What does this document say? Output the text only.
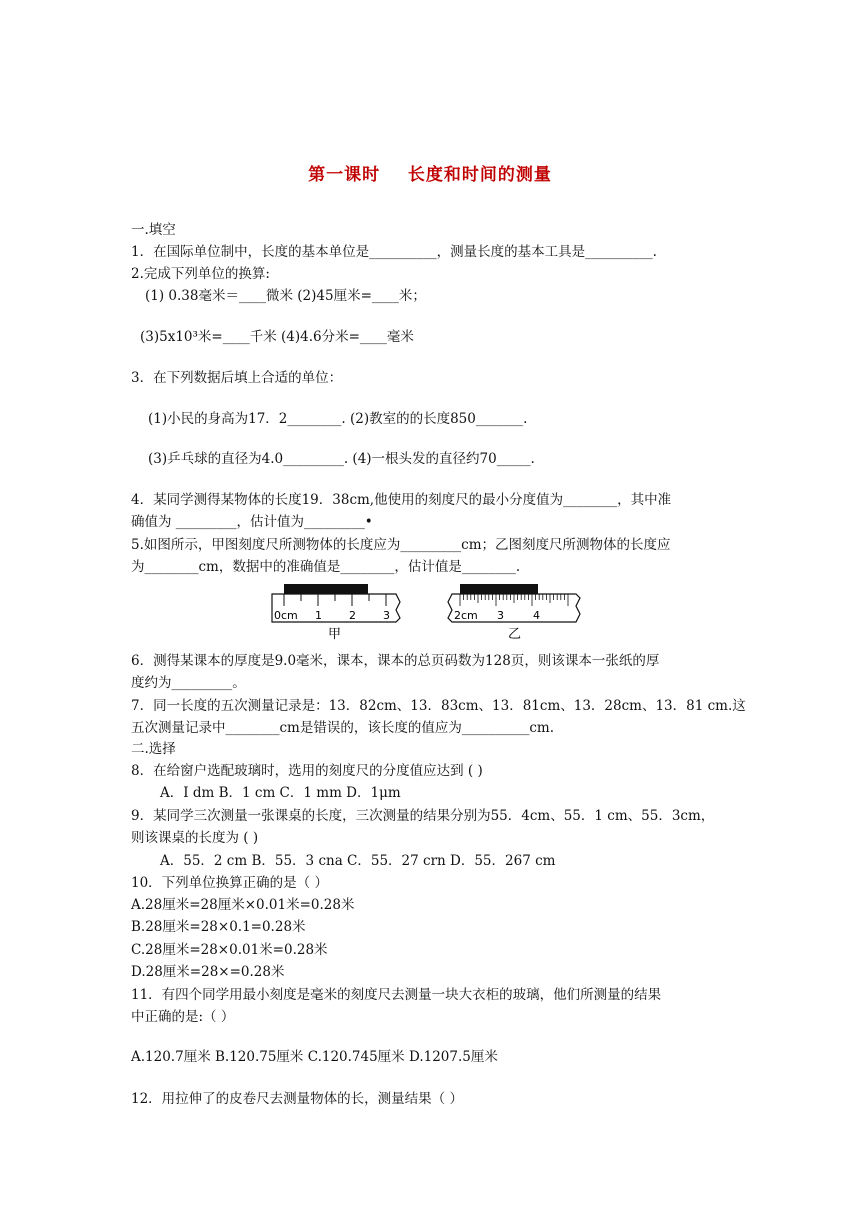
第一课时    长度和时间的测量
一.填空
1．在国际单位制中，长度的基本单位是__________，测量长度的基本工具是__________.
2.完成下列单位的换算:
(1) 0.38毫米＝____微米 (2)45厘米=____米；
(3)5x10³米=____千米 (4)4.6分米=____毫米
3．在下列数据后填上合适的单位：
(1)小民的身高为17．2________. (2)教室的的长度850_______.
(3)乒乓球的直径为4.0_________. (4)一根头发的直径约70_____.
4．某同学测得某物体的长度19．38cm,他使用的刻度尺的最小分度值为________，其中准
确值为 _________，估计值为_________•
5.如图所示，甲图刻度尺所测物体的长度应为_________cm；乙图刻度尺所测物体的长度应
为________cm，数据中的准确值是________，估计值是________.
0cm 1 2 3
甲
2cm 3	4
乙
6．测得某课本的厚度是9.0毫米，课本，课本的总页码数为128页，则该课本一张纸的厚
度约为_________。
7．同一长度的五次测量记录是：13．82cm、13．83cm、13．81cm、13．28cm、13．81 cm.这
五次测量记录中________cm是错误的，该长度的值应为__________cm.
二.选择
8．在给窗户选配玻璃时，选用的刻度尺的分度值应达到 ( )
A．I dm B．1 cm C．1 mm D．1μm
9．某同学三次测量一张课桌的长度，三次测量的结果分别为55．4cm、55．1 cm、55．3cm，
则该课桌的长度为 ( )
A．55．2 cm B．55．3 cna C．55．27 crn D．55．267 cm
10．下列单位换算正确的是（ ）
A.28厘米=28厘米×0.01米=0.28米
B.28厘米=28×0.1=0.28米
C.28厘米=28×0.01米=0.28米
D.28厘米=28×=0.28米
11．有四个同学用最小刻度是毫米的刻度尺去测量一块大衣柜的玻璃，他们所测量的结果
中正确的是:（ ）
A.120.7厘米 B.120.75厘米 C.120.745厘米 D.1207.5厘米
12．用拉伸了的皮卷尺去测量物体的长，测量结果（ ）
